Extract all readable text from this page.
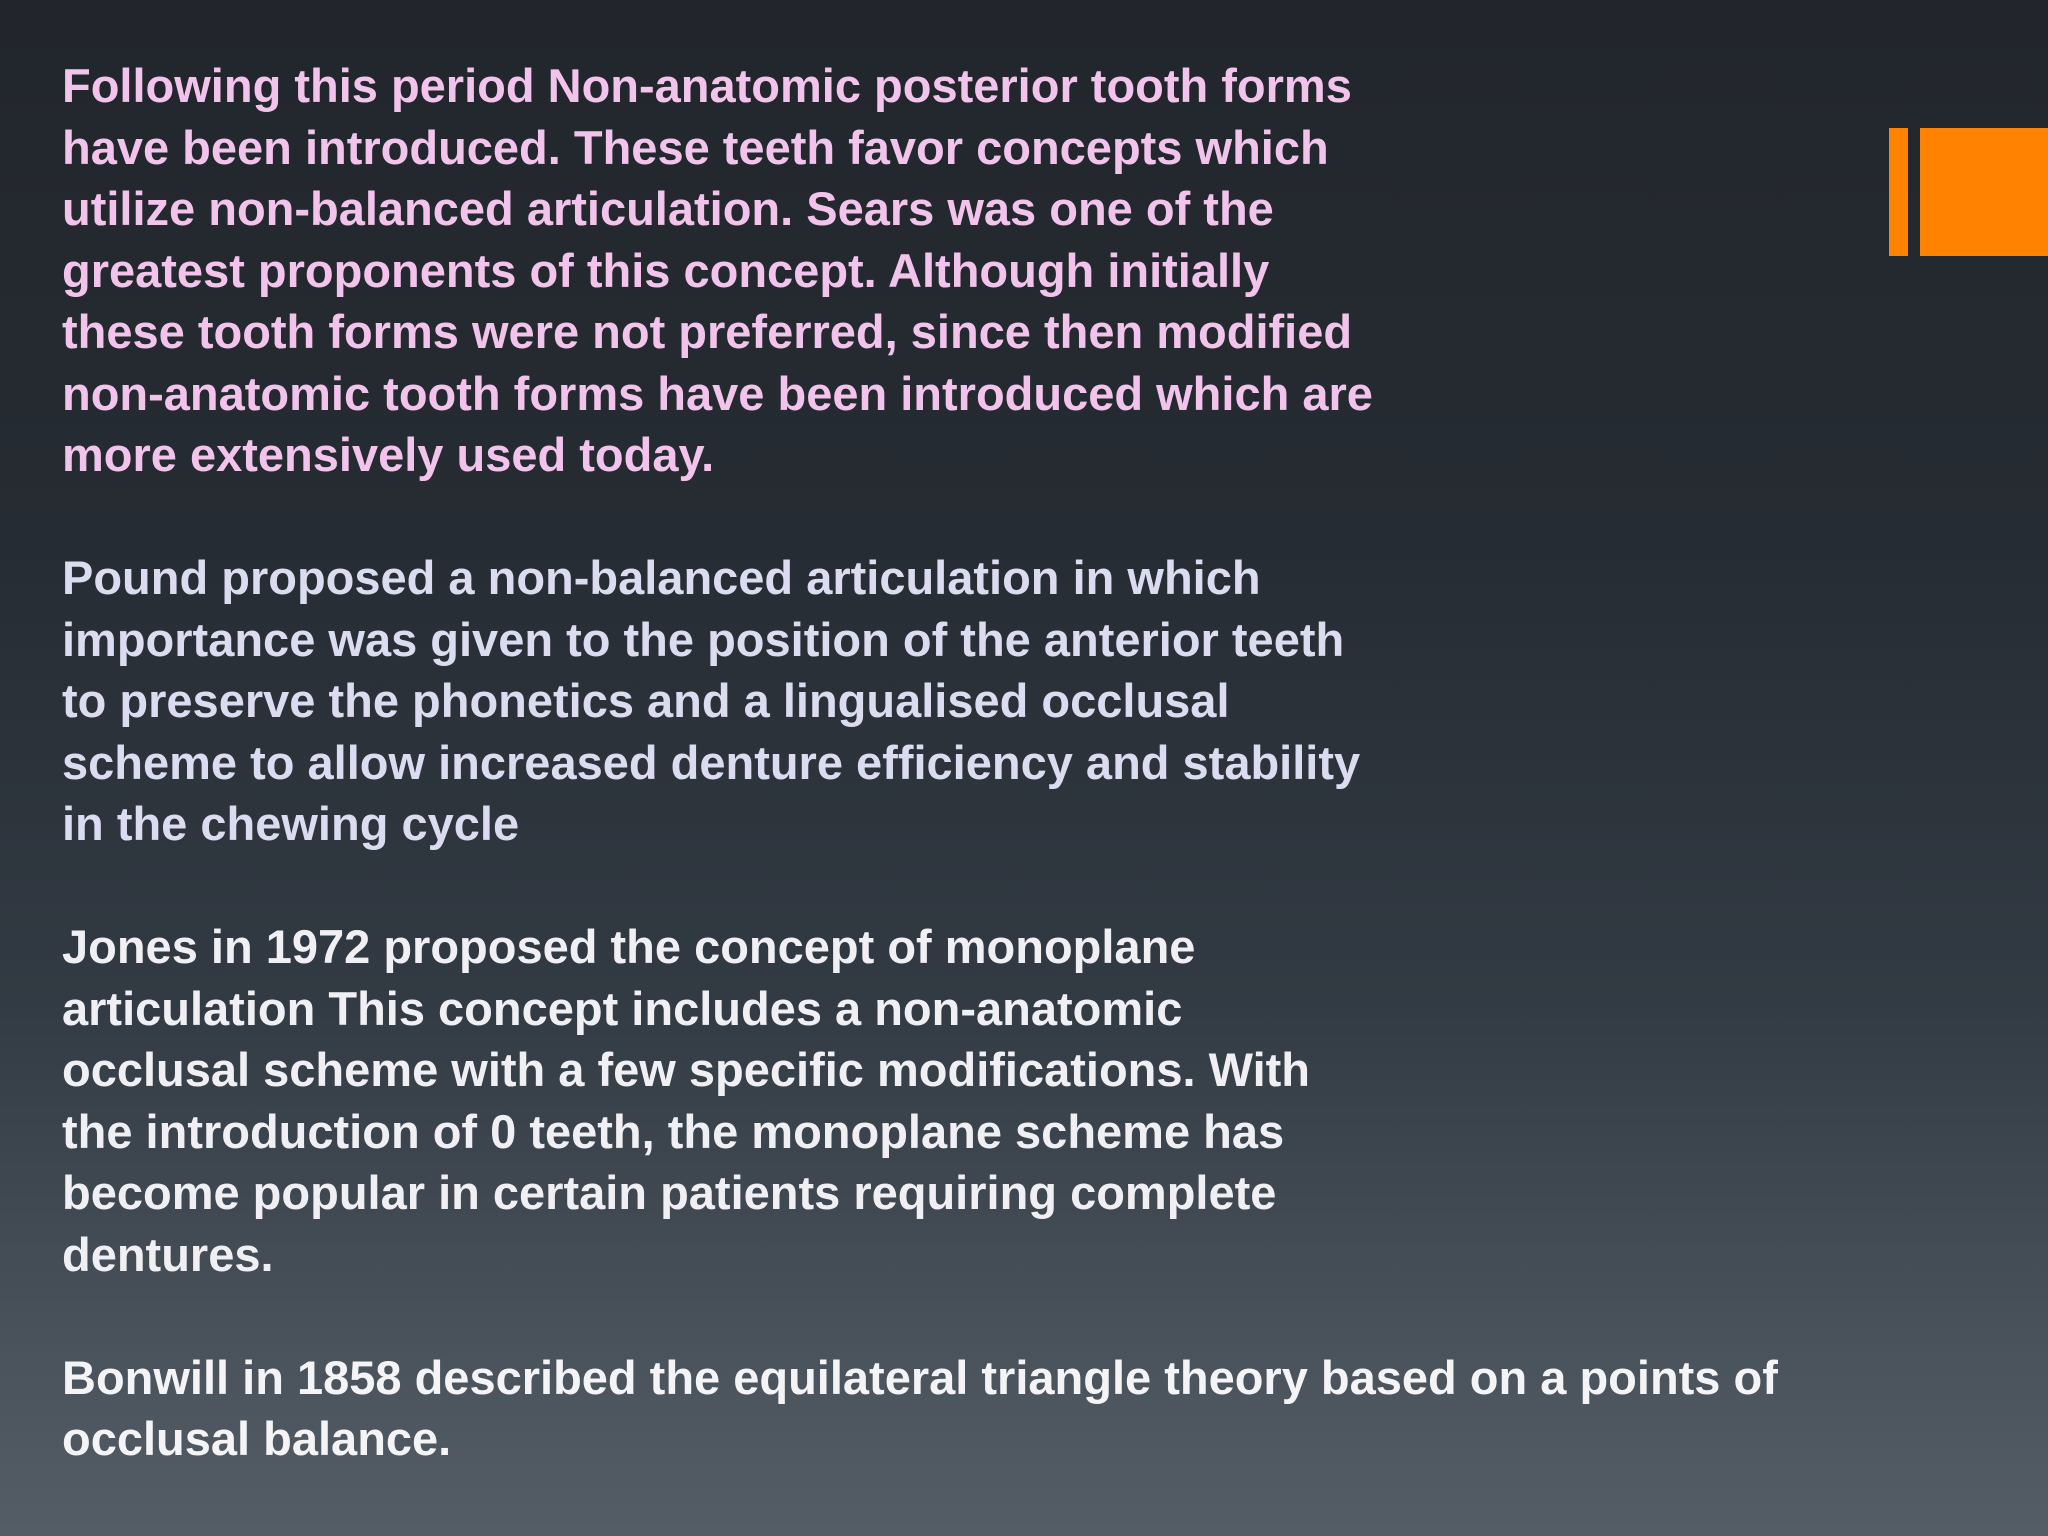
Following this period Non-anatomic posterior tooth forms
have been introduced. These teeth favor concepts which
utilize non-balanced articulation. Sears was one of the
greatest proponents of this concept. Although initially
these tooth forms were not preferred, since then modified
non-anatomic tooth forms have been introduced which are
more extensively used today.

Pound proposed a non-balanced articulation in which
importance was given to the position of the anterior teeth
to preserve the phonetics and a lingualised occlusal
scheme to allow increased denture efficiency and stability
in the chewing cycle

Jones in 1972 proposed the concept of monoplane
articulation This concept includes a non-anatomic
occlusal scheme with a few specific modifications. With
the introduction of 0 teeth, the monoplane scheme has
become popular in certain patients requiring complete
dentures.

Bonwill in 1858 described the equilateral triangle theory based on a points of
occlusal balance.
